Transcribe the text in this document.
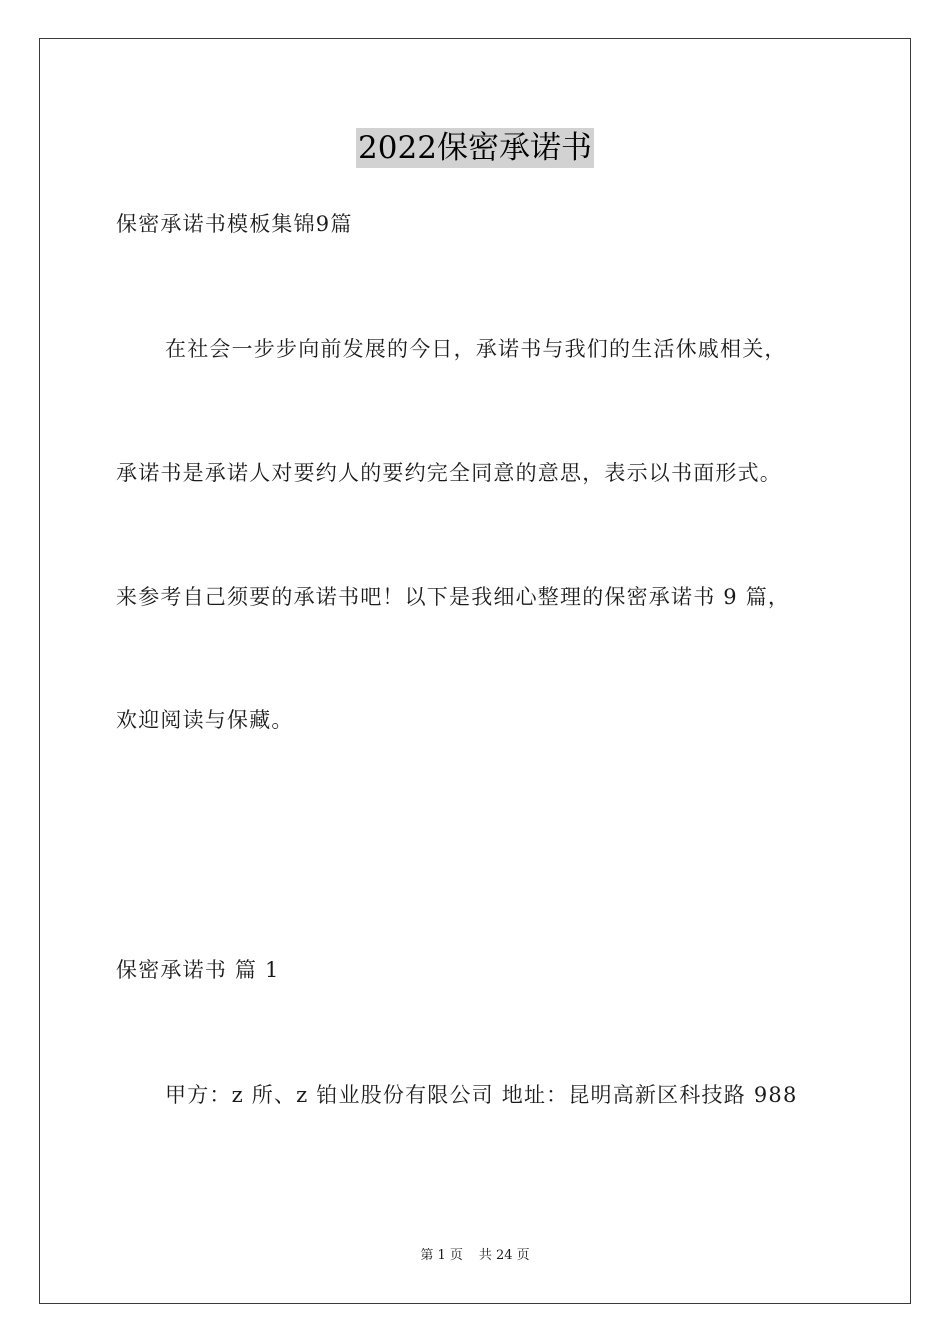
2022保密承诺书
保密承诺书模板集锦9篇
在社会一步步向前发展的今日，承诺书与我们的生活休戚相关，
承诺书是承诺人对要约人的要约完全同意的意思，表示以书面形式。
来参考自己须要的承诺书吧！以下是我细心整理的保密承诺书 9 篇，
欢迎阅读与保藏。
保密承诺书 篇 1
甲方：z 所、z 铂业股份有限公司 地址：昆明高新区科技路 988
第 1 页 共 24 页
